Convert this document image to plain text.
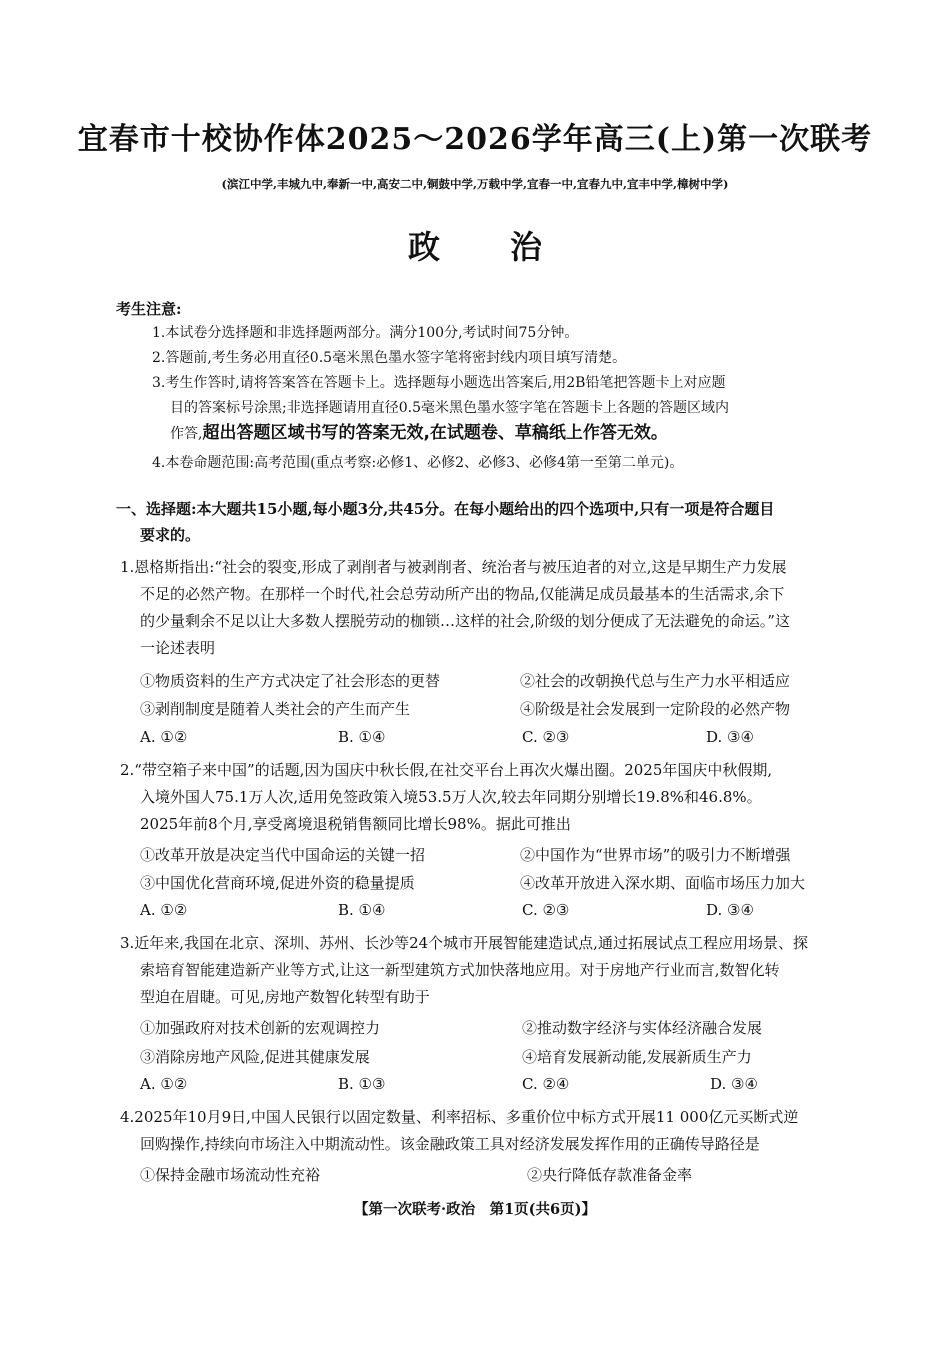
宜春市十校协作体2025～2026学年高三(上)第一次联考
(滨江中学,丰城九中,奉新一中,高安二中,铜鼓中学,万载中学,宜春一中,宜春九中,宜丰中学,樟树中学)
政治
考生注意:
1.本试卷分选择题和非选择题两部分。满分100分,考试时间75分钟。
2.答题前,考生务必用直径0.5毫米黑色墨水签字笔将密封线内项目填写清楚。
3.考生作答时,请将答案答在答题卡上。选择题每小题选出答案后,用2B铅笔把答题卡上对应题
目的答案标号涂黑;非选择题请用直径0.5毫米黑色墨水签字笔在答题卡上各题的答题区域内
作答,超出答题区域书写的答案无效,在试题卷、草稿纸上作答无效。
4.本卷命题范围:高考范围(重点考察:必修1、必修2、必修3、必修4第一至第二单元)。
一、选择题:本大题共15小题,每小题3分,共45分。在每小题给出的四个选项中,只有一项是符合题目
要求的。
1.恩格斯指出:“社会的裂变,形成了剥削者与被剥削者、统治者与被压迫者的对立,这是早期生产力发展
不足的必然产物。在那样一个时代,社会总劳动所产出的物品,仅能满足成员最基本的生活需求,余下
的少量剩余不足以让大多数人摆脱劳动的枷锁…这样的社会,阶级的划分便成了无法避免的命运。”这
一论述表明
①物质资料的生产方式决定了社会形态的更替	②社会的改朝换代总与生产力水平相适应
③剥削制度是随着人类社会的产生而产生	④阶级是社会发展到一定阶段的必然产物
A. ①②	B. ①④	C. ②③	D. ③④
2.“带空箱子来中国”的话题,因为国庆中秋长假,在社交平台上再次火爆出圈。2025年国庆中秋假期,
入境外国人75.1万人次,适用免签政策入境53.5万人次,较去年同期分别增长19.8%和46.8%。
2025年前8个月,享受离境退税销售额同比增长98%。据此可推出
①改革开放是决定当代中国命运的关键一招	②中国作为“世界市场”的吸引力不断增强
③中国优化营商环境,促进外资的稳量提质	④改革开放进入深水期、面临市场压力加大
A. ①②	B. ①④	C. ②③	D. ③④
3.近年来,我国在北京、深圳、苏州、长沙等24个城市开展智能建造试点,通过拓展试点工程应用场景、探
索培育智能建造新产业等方式,让这一新型建筑方式加快落地应用。对于房地产行业而言,数智化转
型迫在眉睫。可见,房地产数智化转型有助于
①加强政府对技术创新的宏观调控力	②推动数字经济与实体经济融合发展
③消除房地产风险,促进其健康发展	④培育发展新动能,发展新质生产力
A. ①②	B. ①③	C. ②④	D. ③④
4.2025年10月9日,中国人民银行以固定数量、利率招标、多重价位中标方式开展11 000亿元买断式逆
回购操作,持续向市场注入中期流动性。该金融政策工具对经济发展发挥作用的正确传导路径是
①保持金融市场流动性充裕	②央行降低存款准备金率
【第一次联考·政治　第1页(共6页)】
